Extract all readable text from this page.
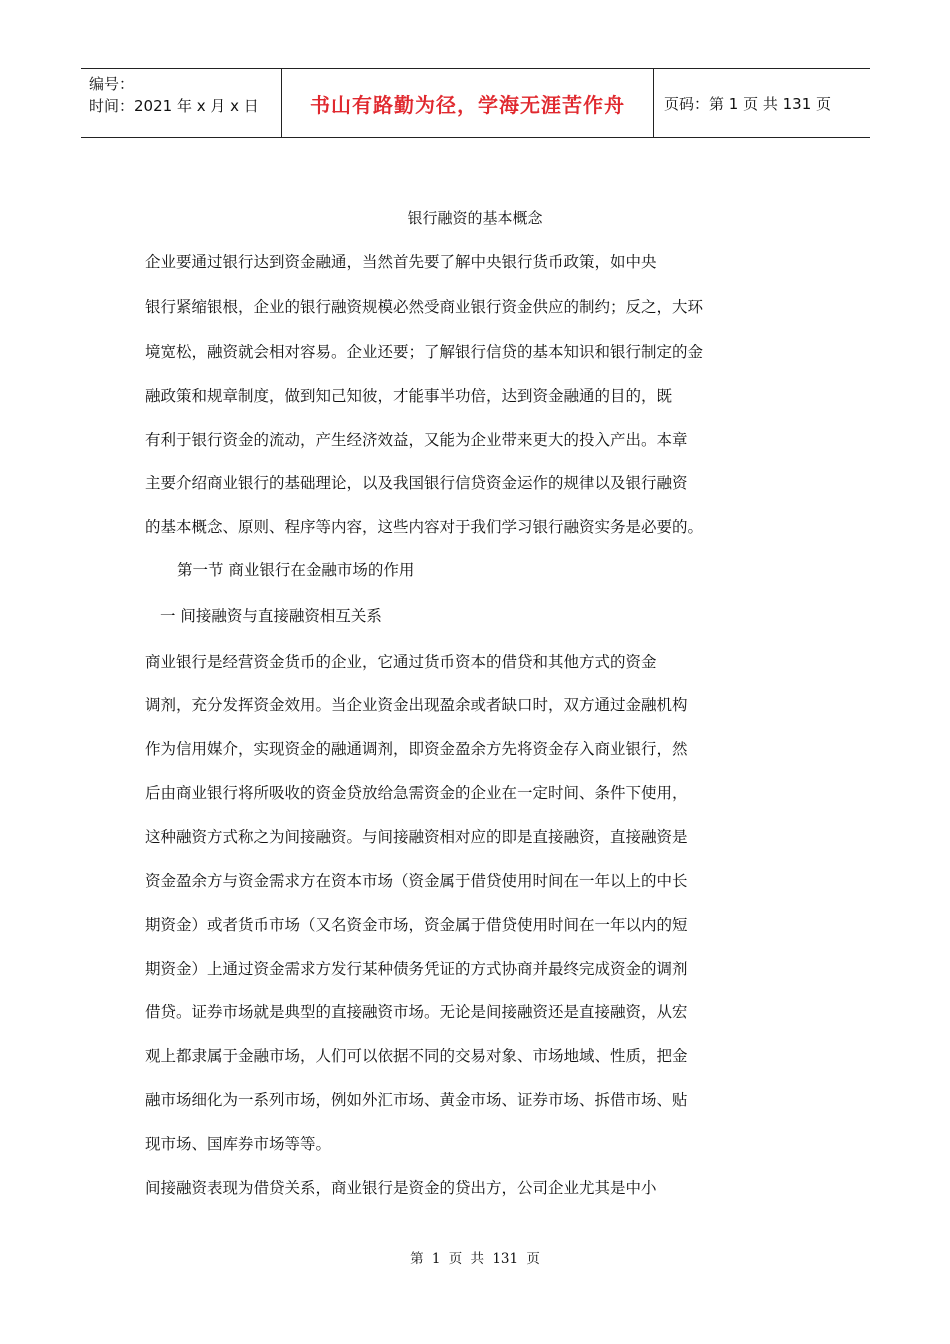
编号：
时间：2021 年 x 月 x 日	书山有路勤为径，学海无涯苦作舟	页码：第 1 页 共 131 页
银行融资的基本概念
企业要通过银行达到资金融通，当然首先要了解中央银行货币政策，如中央
银行紧缩银根，企业的银行融资规模必然受商业银行资金供应的制约；反之，大环
境宽松，融资就会相对容易。企业还要；了解银行信贷的基本知识和银行制定的金
融政策和规章制度，做到知己知彼，才能事半功倍，达到资金融通的目的，既
有利于银行资金的流动，产生经济效益，又能为企业带来更大的投入产出。本章
主要介绍商业银行的基础理论，以及我国银行信贷资金运作的规律以及银行融资
的基本概念、原则、程序等内容，这些内容对于我们学习银行融资实务是必要的。
第一节 商业银行在金融市场的作用
一 间接融资与直接融资相互关系
商业银行是经营资金货币的企业，它通过货币资本的借贷和其他方式的资金
调剂，充分发挥资金效用。当企业资金出现盈余或者缺口时，双方通过金融机构
作为信用媒介，实现资金的融通调剂，即资金盈余方先将资金存入商业银行，然
后由商业银行将所吸收的资金贷放给急需资金的企业在一定时间、条件下使用，
这种融资方式称之为间接融资。与间接融资相对应的即是直接融资，直接融资是
资金盈余方与资金需求方在资本市场（资金属于借贷使用时间在一年以上的中长
期资金）或者货币市场（又名资金市场，资金属于借贷使用时间在一年以内的短
期资金）上通过资金需求方发行某种债务凭证的方式协商并最终完成资金的调剂
借贷。证券市场就是典型的直接融资市场。无论是间接融资还是直接融资，从宏
观上都隶属于金融市场，人们可以依据不同的交易对象、市场地域、性质，把金
融市场细化为一系列市场，例如外汇市场、黄金市场、证券市场、拆借市场、贴
现市场、国库券市场等等。
间接融资表现为借贷关系，商业银行是资金的贷出方，公司企业尤其是中小
第 1 页 共 131 页
